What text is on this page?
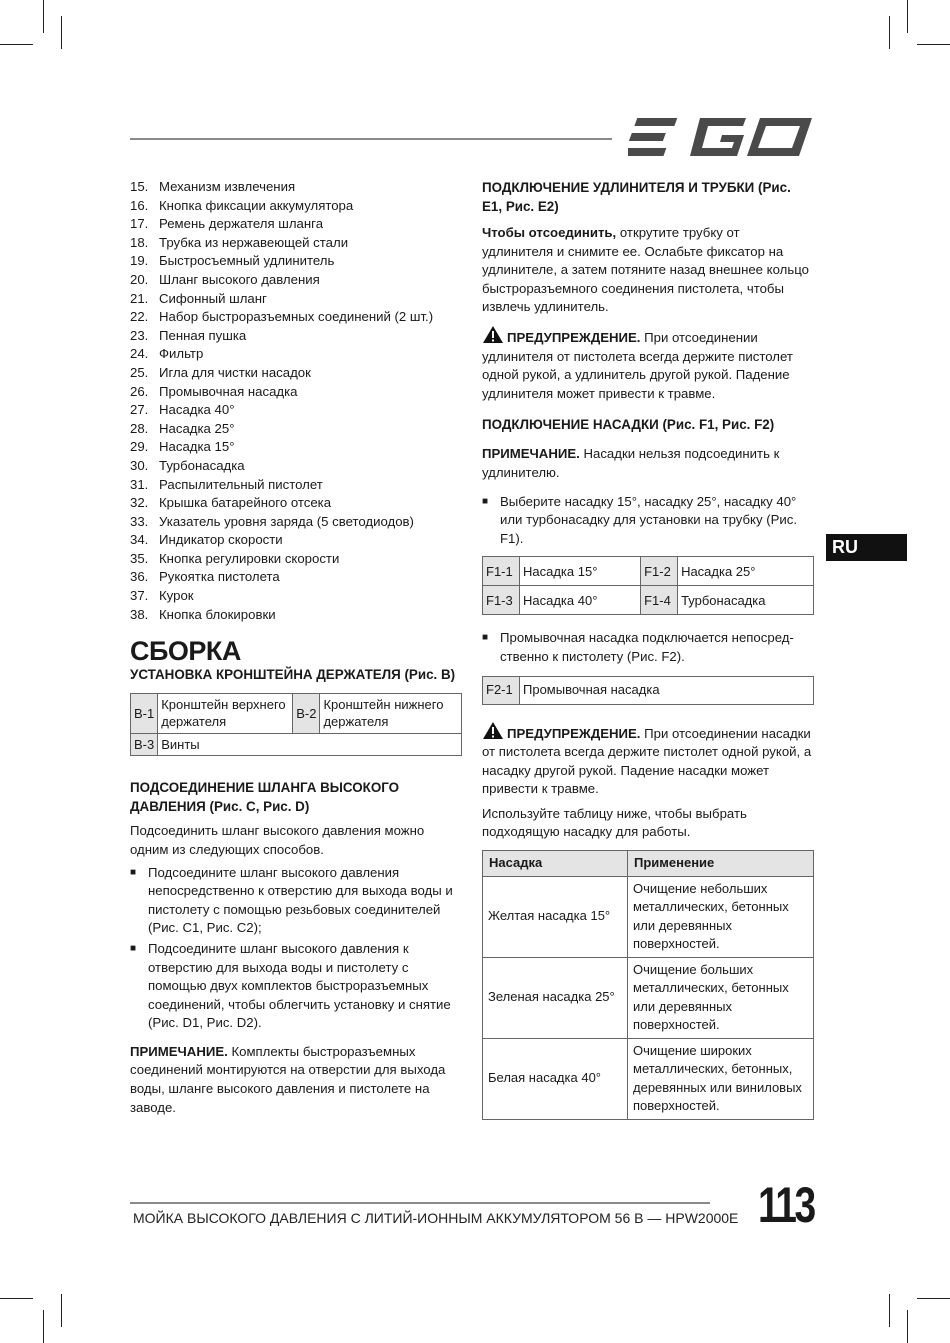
15. Механизм извлечения
16. Кнопка фиксации аккумулятора
17. Ремень держателя шланга
18. Трубка из нержавеющей стали
19. Быстросъемный удлинитель
20. Шланг высокого давления
21. Сифонный шланг
22. Набор быстроразъемных соединений (2 шт.)
23. Пенная пушка
24. Фильтр
25. Игла для чистки насадок
26. Промывочная насадка
27. Насадка 40°
28. Насадка 25°
29. Насадка 15°
30. Турбонасадка
31. Распылительный пистолет
32. Крышка батарейного отсека
33. Указатель уровня заряда (5 светодиодов)
34. Индикатор скорости
35. Кнопка регулировки скорости
36. Рукоятка пистолета
37. Курок
38. Кнопка блокировки
СБОРКА

УСТАНОВКА КРОНШТЕЙНА ДЕРЖАТЕЛЯ (Рис. B)

B-1	Кронштейн верхнего держателя	B-2	Кронштейн нижнего держателя
B-3	Винты		

ПОДСОЕДИНЕНИЕ ШЛАНГА ВЫСОКОГО ДАВЛЕНИЯ (Рис. C, Рис. D)

Подсоединить шланг высокого давления можно одним из следующих способов.

■ Подсоедините шланг высокого давления непосредственно к отверстию для выхода воды и пистолету с помощью резьбовых соединителей (Рис. C1, Рис. C2);
■ Подсоедините шланг высокого давления к отверстию для выхода воды и пистолету с помощью двух комплектов быстроразъемных соединений, чтобы облегчить установку и снятие (Рис. D1, Рис. D2).

ПРИМЕЧАНИЕ. Комплекты быстроразъемных соединений монтируются на отверстии для выхода воды, шланге высокого давления и пистолете на заводе.

ПОДКЛЮЧЕНИЕ УДЛИНИТЕЛЯ И ТРУБКИ (Рис. E1, Рис. E2)

Чтобы отсоединить, открутите трубку от удлинителя и снимите ее. Ослабьте фиксатор на удлинителе, а затем потяните назад внешнее кольцо быстроразъемного соединения пистолета, чтобы извлечь удлинитель.

ПРЕДУПРЕЖДЕНИЕ. При отсоединении удлинителя от пистолета всегда держите пистолет одной рукой, а удлинитель другой рукой. Падение удлинителя может привести к травме.

ПОДКЛЮЧЕНИЕ НАСАДКИ (Рис. F1, Рис. F2)

ПРИМЕЧАНИЕ. Насадки нельзя подсоединить к удлинителю.

■ Выберите насадку 15°, насадку 25°, насадку 40° или турбонасадку для установки на трубку (Рис. F1).
F1-1	Насадка 15°	F1-2	Насадка 25°
F1-3	Насадка 40°	F1-4	Турбонасадка
■ Промывочная насадка подключается непосред-ственно к пистолету (Рис. F2).
F2-1	Промывочная насадка

ПРЕДУПРЕЖДЕНИЕ. При отсоединении насадки от пистолета всегда держите пистолет одной рукой, а насадку другой рукой. Падение насадки может привести к травме.

Используйте таблицу ниже, чтобы выбрать подходящую насадку для работы.

Насадка	Применение
Желтая насадка 15°	Очищение небольших металлических, бетонных или деревянных поверхностей.
Зеленая насадка 25°	Очищение больших металлических, бетонных или деревянных поверхностей.
Белая насадка 40°	Очищение широких металлических, бетонных, деревянных или виниловых поверхностей.
RU
МОЙКА ВЫСОКОГО ДАВЛЕНИЯ С ЛИТИЙ-ИОННЫМ АККУМУЛЯТОРОМ 56 В — HPW2000E 113
